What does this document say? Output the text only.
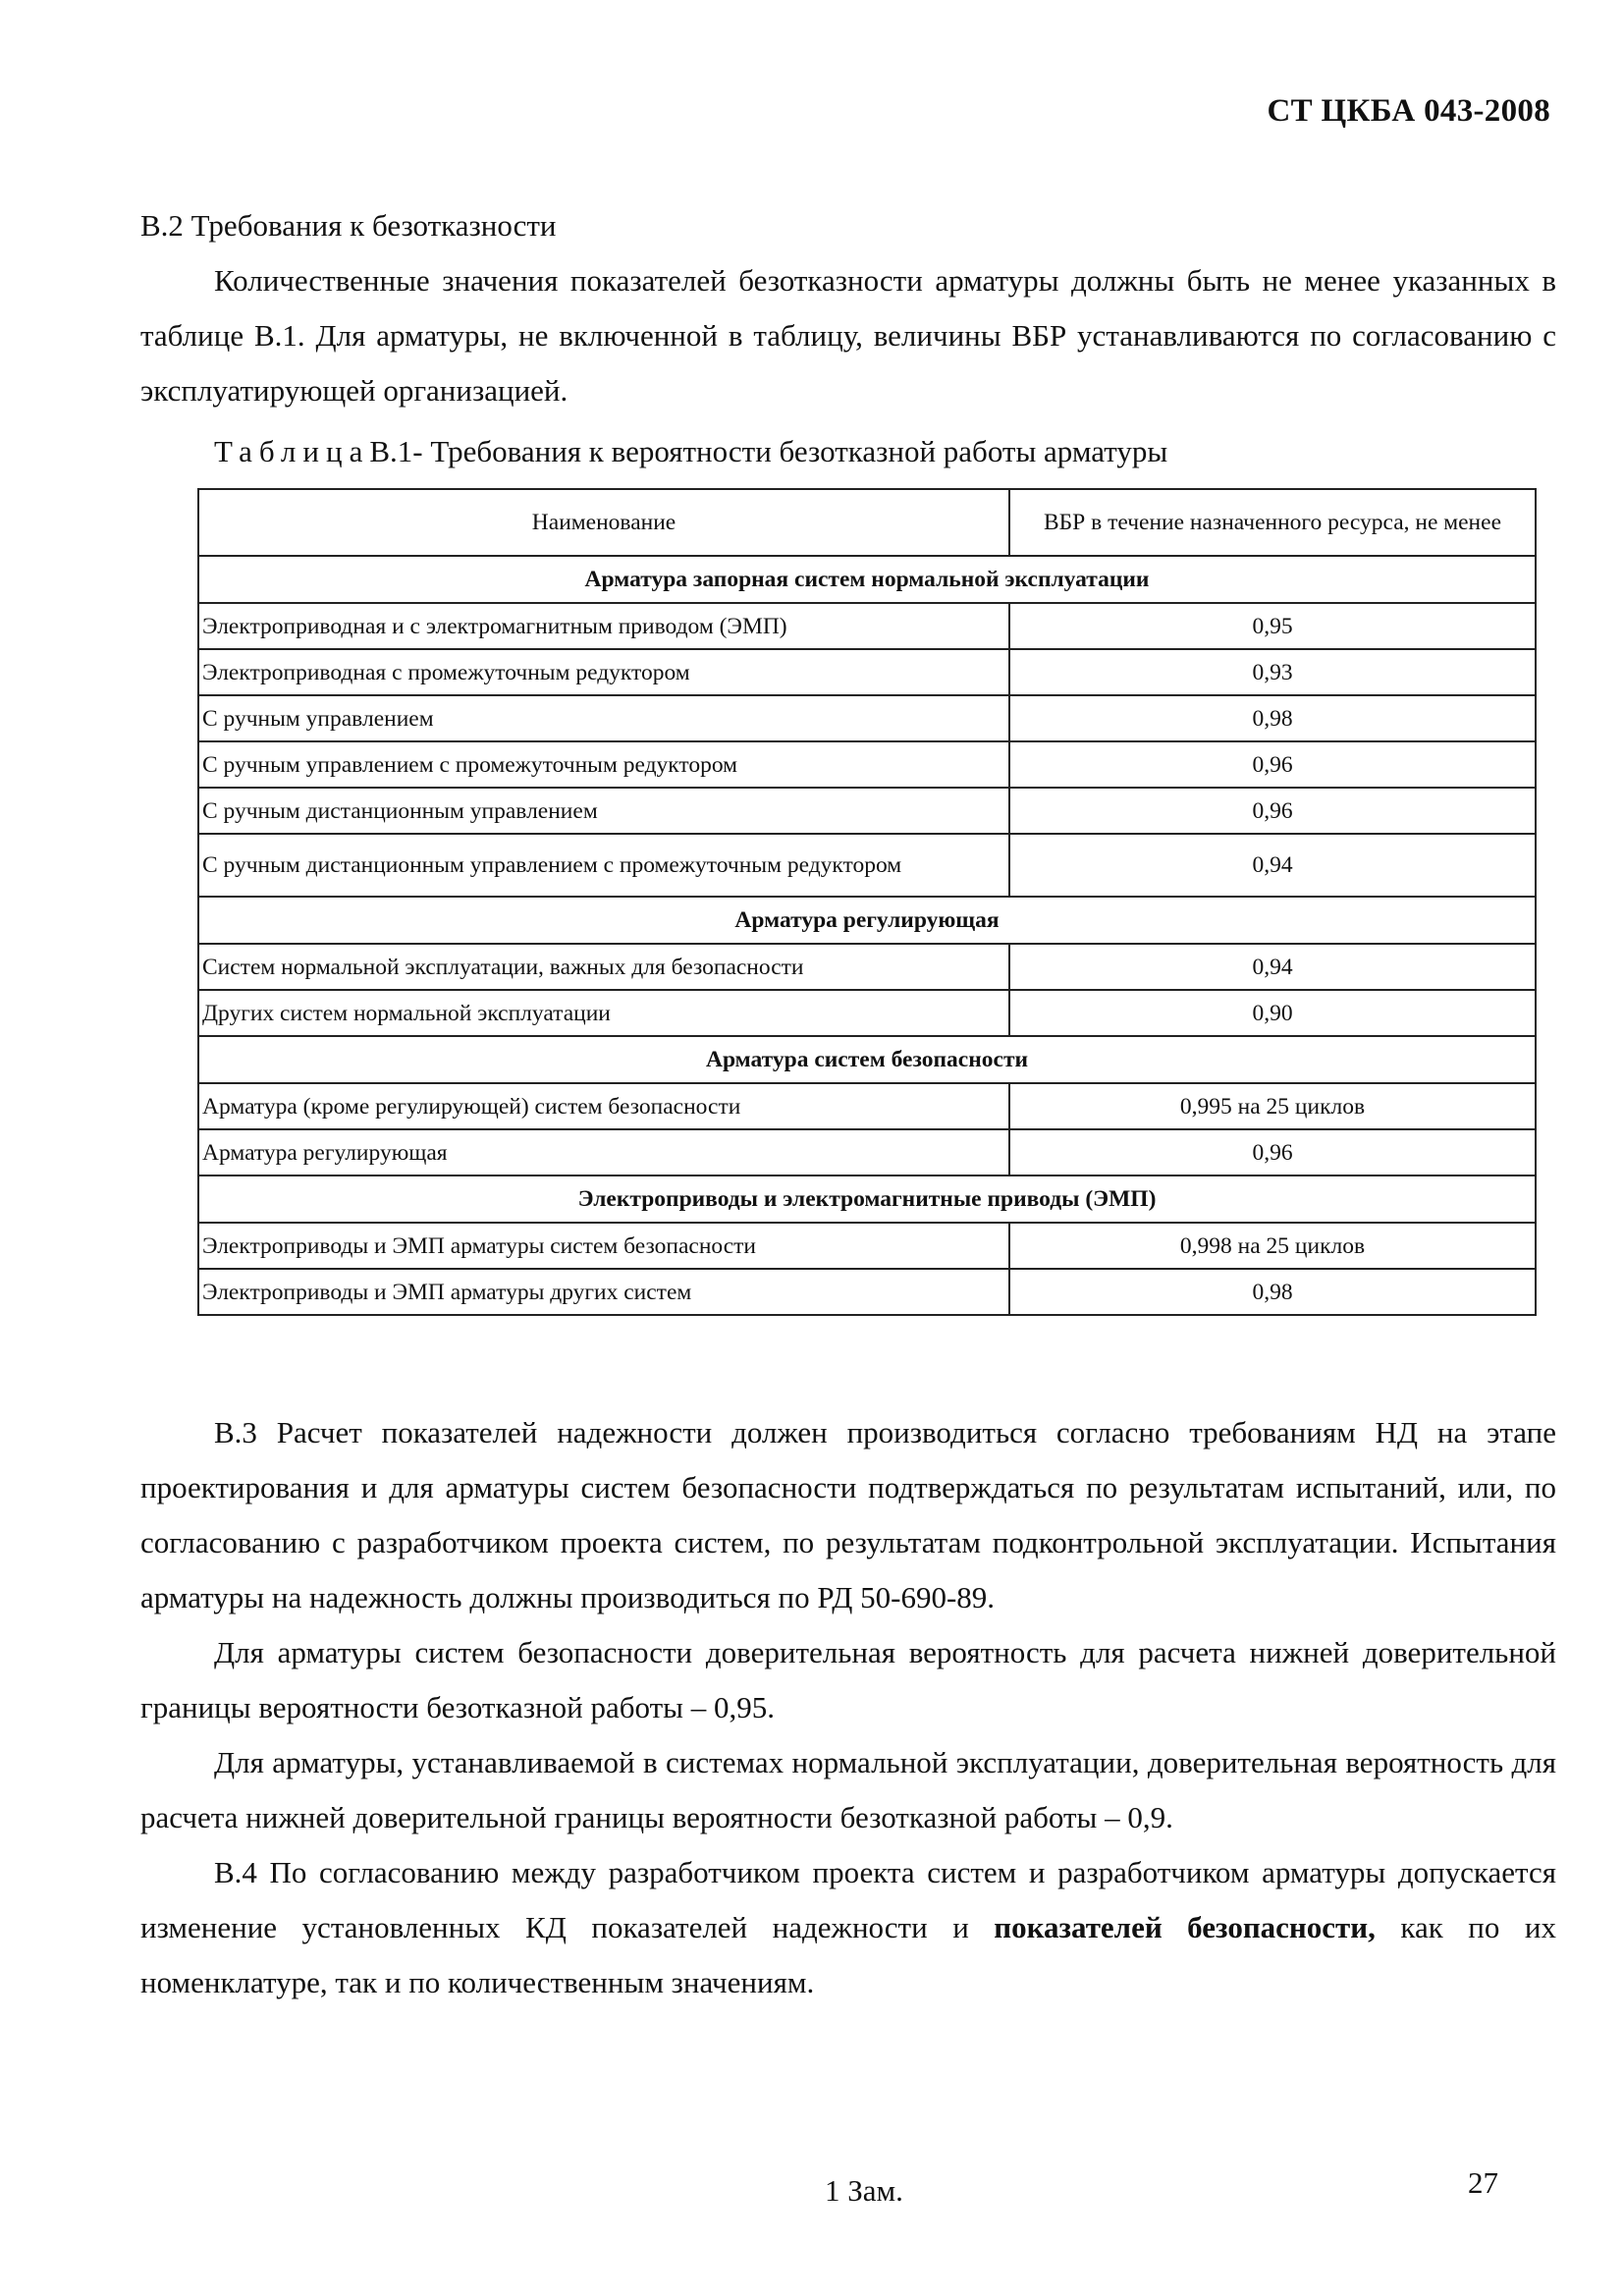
СТ ЦКБА 043-2008
В.2 Требования к безотказности

Количественные значения показателей безотказности арматуры должны быть не менее указанных в таблице В.1. Для арматуры, не включенной в таблицу, величины ВБР устанавливаются по согласованию с эксплуатирующей организацией.

ТаблицаВ.1- Требования к вероятности безотказной работы арматуры
Наименование	ВБР в течение назначенного ресурса, не менее
Арматура запорная систем нормальной эксплуатации	
Электроприводная и с электромагнитным приводом (ЭМП)	0,95
Электроприводная с промежуточным редуктором	0,93
С ручным управлением	0,98
С ручным управлением с промежуточным редуктором	0,96
С ручным дистанционным управлением	0,96
С ручным дистанционным управлением с промежуточным редуктором	0,94
Арматура регулирующая	
Систем нормальной эксплуатации, важных для безопасности	0,94
Других систем нормальной эксплуатации	0,90
Арматура систем безопасности	
Арматура (кроме регулирующей) систем безопасности	0,995 на 25 циклов
Арматура регулирующая	0,96
Электроприводы и электромагнитные приводы (ЭМП)	
Электроприводы и ЭМП арматуры систем безопасности	0,998 на 25 циклов
Электроприводы и ЭМП арматуры других систем	0,98

В.3 Расчет показателей надежности должен производиться согласно требованиям НД на этапе проектирования и для арматуры систем безопасности подтверждаться по результатам испытаний, или, по согласованию с разработчиком проекта систем, по результатам подконтрольной эксплуатации. Испытания арматуры на надежность должны производиться по РД 50-690-89.

Для арматуры систем безопасности доверительная вероятность для расчета нижней доверительной границы вероятности безотказной работы – 0,95.

Для арматуры, устанавливаемой в системах нормальной эксплуатации, доверительная вероятность для расчета нижней доверительной границы вероятности безотказной работы – 0,9.

В.4 По согласованию между разработчиком проекта систем и разработчиком арматуры допускается изменение установленных КД показателей надежности и показателей безопасности, как по их номенклатуре, так и по количественным значениям.

1 Зам.	27
